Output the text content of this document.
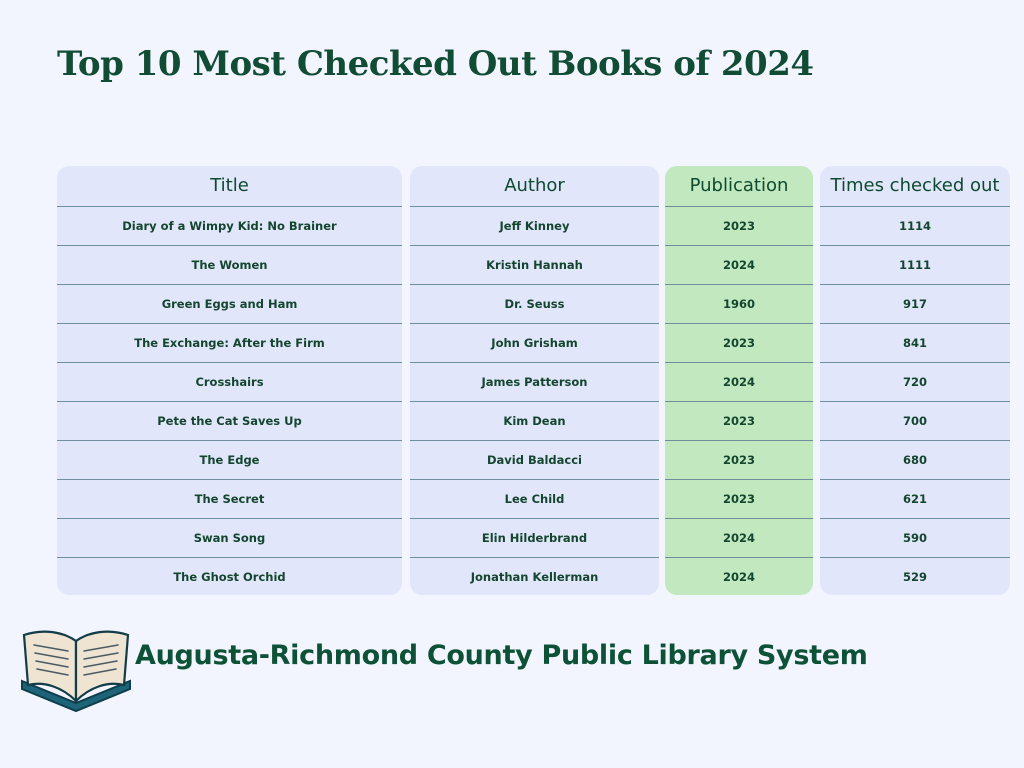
Top 10 Most Checked Out Books of 2024
Title
Diary of a Wimpy Kid: No Brainer
The Women
Green Eggs and Ham
The Exchange: After the Firm
Crosshairs
Pete the Cat Saves Up
The Edge
The Secret
Swan Song
The Ghost Orchid
Author
Jeff Kinney
Kristin Hannah
Dr. Seuss
John Grisham
James Patterson
Kim Dean
David Baldacci
Lee Child
Elin Hilderbrand
Jonathan Kellerman
Publication
2023
2024
1960
2023
2024
2023
2023
2023
2024
2024
Times checked out
1114
1111
917
841
720
700
680
621
590
529
Augusta-Richmond County Public Library System
